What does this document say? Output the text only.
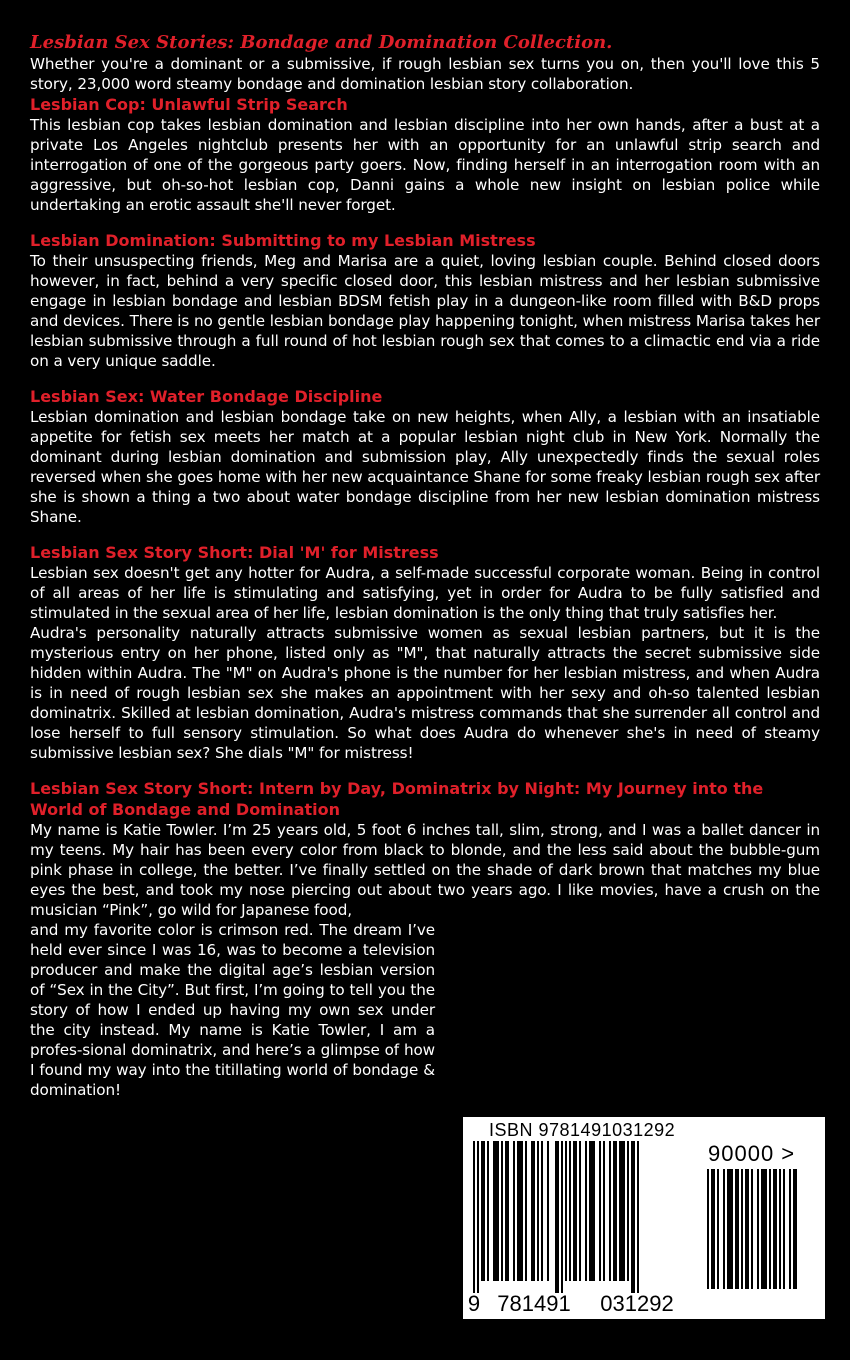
Lesbian Sex Stories: Bondage and Domination Collection.

Whether you're a dominant or a submissive, if rough lesbian sex turns you on, then you'll love this 5 story, 23,000 word steamy bondage and domination lesbian story collaboration.

Lesbian Cop: Unlawful Strip Search

This lesbian cop takes lesbian domination and lesbian discipline into her own hands, after a bust at a private Los Angeles nightclub presents her with an opportunity for an unlawful strip search and interrogation of one of the gorgeous party goers. Now, finding herself in an interrogation room with an aggressive, but oh-so-hot lesbian cop, Danni gains a whole new insight on lesbian police while undertaking an erotic assault she'll never forget.

Lesbian Domination: Submitting to my Lesbian Mistress

To their unsuspecting friends, Meg and Marisa are a quiet, loving lesbian couple. Behind closed doors however, in fact, behind a very specific closed door, this lesbian mistress and her lesbian submissive engage in lesbian bondage and lesbian BDSM fetish play in a dungeon-like room filled with B&D props and devices. There is no gentle lesbian bondage play happening tonight, when mistress Marisa takes her lesbian submissive through a full round of hot lesbian rough sex that comes to a climactic end via a ride on a very unique saddle.

Lesbian Sex: Water Bondage Discipline

Lesbian domination and lesbian bondage take on new heights, when Ally, a lesbian with an insatiable appetite for fetish sex meets her match at a popular lesbian night club in New York. Normally the dominant during lesbian domination and submission play, Ally unexpectedly finds the sexual roles reversed when she goes home with her new acquaintance Shane for some freaky lesbian rough sex after she is shown a thing a two about water bondage discipline from her new lesbian domination mistress Shane.

Lesbian Sex Story Short: Dial 'M' for Mistress

Lesbian sex doesn't get any hotter for Audra, a self-made successful corporate woman. Being in control of all areas of her life is stimulating and satisfying, yet in order for Audra to be fully satisfied and stimulated in the sexual area of her life, lesbian domination is the only thing that truly satisfies her.

Audra's personality naturally attracts submissive women as sexual lesbian partners, but it is the mysterious entry on her phone, listed only as "M", that naturally attracts the secret submissive side hidden within Audra. The "M" on Audra's phone is the number for her lesbian mistress, and when Audra is in need of rough lesbian sex she makes an appointment with her sexy and oh-so talented lesbian dominatrix. Skilled at lesbian domination, Audra's mistress commands that she surrender all control and lose herself to full sensory stimulation. So what does Audra do whenever she's in need of steamy submissive lesbian sex? She dials "M" for mistress!

Lesbian Sex Story Short: Intern by Day, Dominatrix by Night: My Journey into the World of Bondage and Domination

My name is Katie Towler. I’m 25 years old, 5 foot 6 inches tall, slim, strong, and I was a ballet dancer in my teens. My hair has been every color from black to blonde, and the less said about the bubble-gum pink phase in college, the better. I’ve finally settled on the shade of dark brown that matches my blue eyes the best, and took my nose piercing out about two years ago. I like movies, have a crush on the musician “Pink”, go wild for Japanese food,

and my favorite color is crimson red. The dream I’ve held ever since I was 16, was to become a television producer and make the digital age’s lesbian version of “Sex in the City”. But first, I’m going to tell you the story of how I ended up having my own sex under the city instead. My name is Katie Towler, I am a profes-sional dominatrix, and here’s a glimpse of how I found my way into the titillating world of bondage & domination!

ISBN 9781491031292
9 781491	031292
90000 >
